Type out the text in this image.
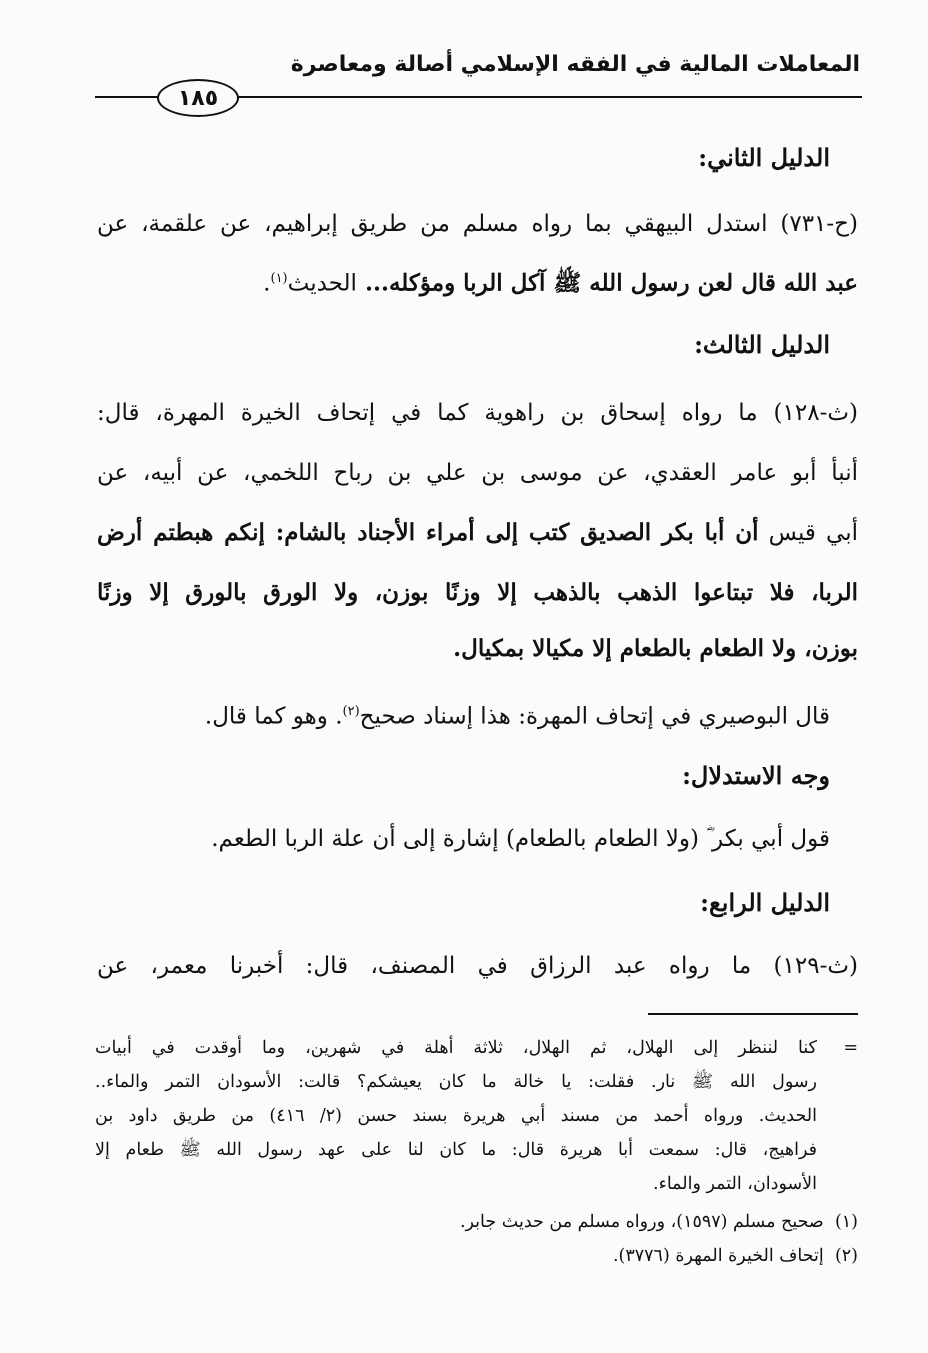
المعاملات المالية في الفقه الإسلامي أصالة ومعاصرة
١٨٥
الدليل الثاني:
(ح-٧٣١) استدل البيهقي بما رواه مسلم من طريق إبراهيم، عن علقمة، عن
عبد الله قال لعن رسول الله ﷺ آكل الربا ومؤكله... الحديث$^{(١)}$.
الدليل الثالث:
(ث-١٢٨) ما رواه إسحاق بن راهوية كما في إتحاف الخيرة المهرة، قال:
أنبأ أبو عامر العقدي، عن موسى بن علي بن رباح اللخمي، عن أبيه، عن
أبي قيس أن أبا بكر الصديق كتب إلى أمراء الأجناد بالشام: إنكم هبطتم أرض
الربا، فلا تبتاعوا الذهب بالذهب إلا وزنًا بوزن، ولا الورق بالورق إلا وزنًا
بوزن، ولا الطعام بالطعام إلا مكيالا بمكيال.
قال البوصيري في إتحاف المهرة: هذا إسناد صحيح$^{(٢)}$. وهو كما قال.
وجه الاستدلال:
قول أبي بكر ؓ (ولا الطعام بالطعام) إشارة إلى أن علة الربا الطعم.
الدليل الرابع:
(ث-١٢٩) ما رواه عبد الرزاق في المصنف، قال: أخبرنا معمر، عن
=
كنا لننظر إلى الهلال، ثم الهلال، ثلاثة أهلة في شهرين، وما أوقدت في أبيات
رسول الله ﷺ نار. فقلت: يا خالة ما كان يعيشكم؟ قالت: الأسودان التمر والماء..
الحديث. ورواه أحمد من مسند أبي هريرة بسند حسن (٢/ ٤١٦) من طريق داود بن
فراهيج، قال: سمعت أبا هريرة قال: ما كان لنا على عهد رسول الله ﷺ طعام إلا
الأسودان، التمر والماء.
(١)  صحيح مسلم (١٥٩٧)، ورواه مسلم من حديث جابر.
(٢)  إتحاف الخيرة المهرة (٣٧٧٦).
